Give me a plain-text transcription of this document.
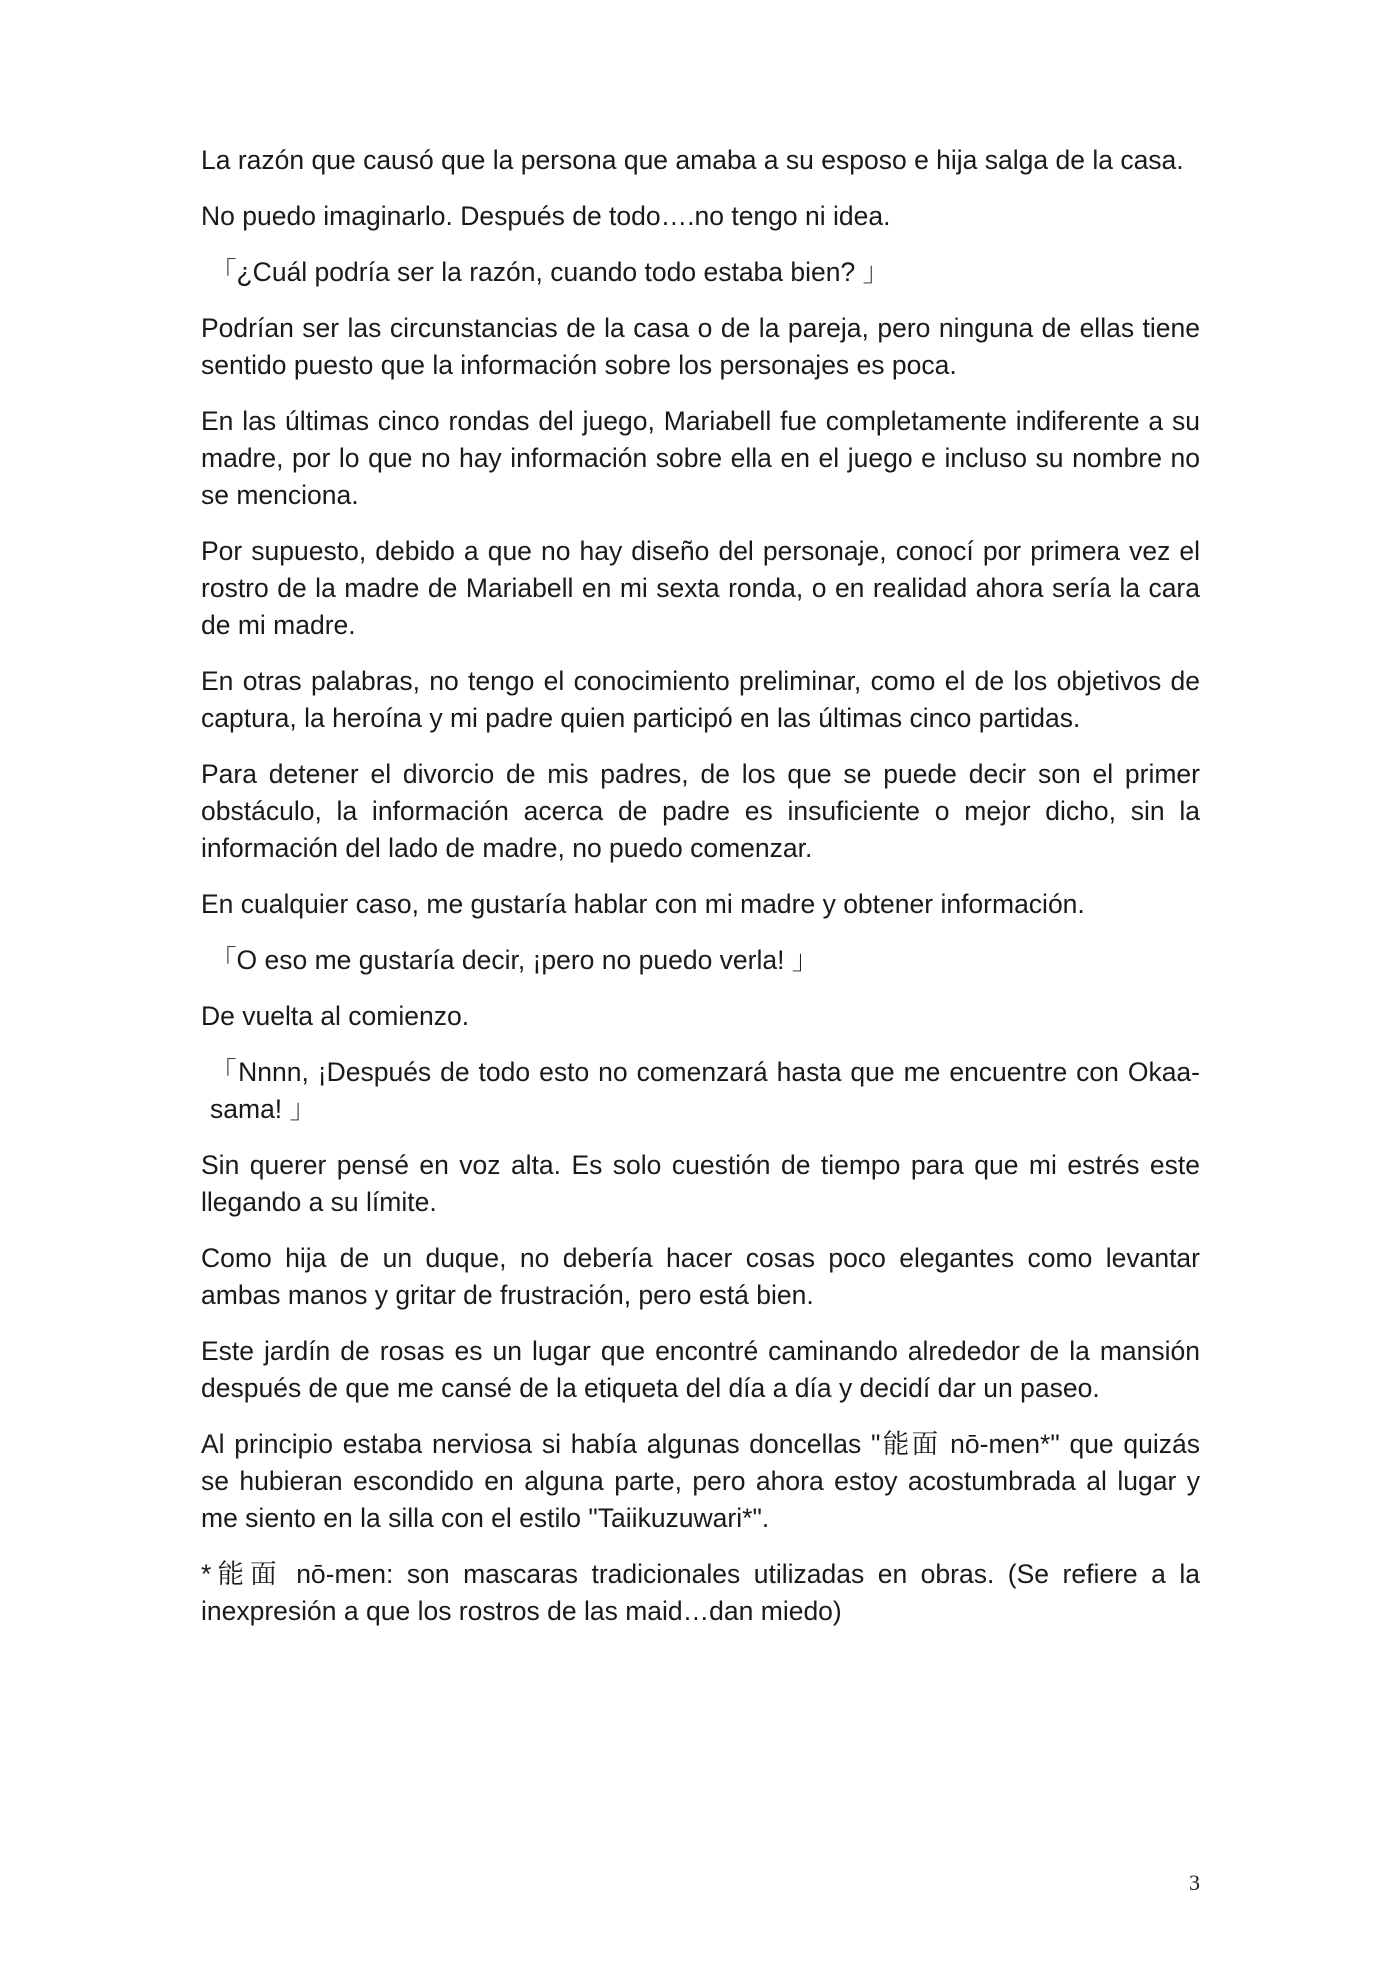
La razón que causó que la persona que amaba a su esposo e hija salga de la casa.

No puedo imaginarlo. Después de todo….no tengo ni idea.

「¿Cuál podría ser la razón, cuando todo estaba bien? 」

Podrían ser las circunstancias de la casa o de la pareja, pero ninguna de ellas tiene sentido puesto que la información sobre los personajes es poca.

En las últimas cinco rondas del juego, Mariabell fue completamente indiferente a su madre, por lo que no hay información sobre ella en el juego e incluso su nombre no se menciona.

Por supuesto, debido a que no hay diseño del personaje, conocí por primera vez el rostro de la madre de Mariabell en mi sexta ronda, o en realidad ahora sería la cara de mi madre.

En otras palabras, no tengo el conocimiento preliminar, como el de los objetivos de captura, la heroína y mi padre quien participó en las últimas cinco partidas.

Para detener el divorcio de mis padres, de los que se puede decir son el primer obstáculo, la información acerca de padre es insuficiente o mejor dicho, sin la información del lado de madre, no puedo comenzar.

En cualquier caso, me gustaría hablar con mi madre y obtener información.

「O eso me gustaría decir, ¡pero no puedo verla! 」

De vuelta al comienzo.

「Nnnn, ¡Después de todo esto no comenzará hasta que me encuentre con Okaa-sama! 」

Sin querer pensé en voz alta. Es solo cuestión de tiempo para que mi estrés este llegando a su límite.

Como hija de un duque, no debería hacer cosas poco elegantes como levantar ambas manos y gritar de frustración, pero está bien.

Este jardín de rosas es un lugar que encontré caminando alrededor de la mansión después de que me cansé de la etiqueta del día a día y decidí dar un paseo.

Al principio estaba nerviosa si había algunas doncellas "能面 nō-men*" que quizás se hubieran escondido en alguna parte, pero ahora estoy acostumbrada al lugar y me siento en la silla con el estilo "Taiikuzuwari*".

*能面 nō-men: son mascaras tradicionales utilizadas en obras. (Se refiere a la inexpresión a que los rostros de las maid…dan miedo)

3
